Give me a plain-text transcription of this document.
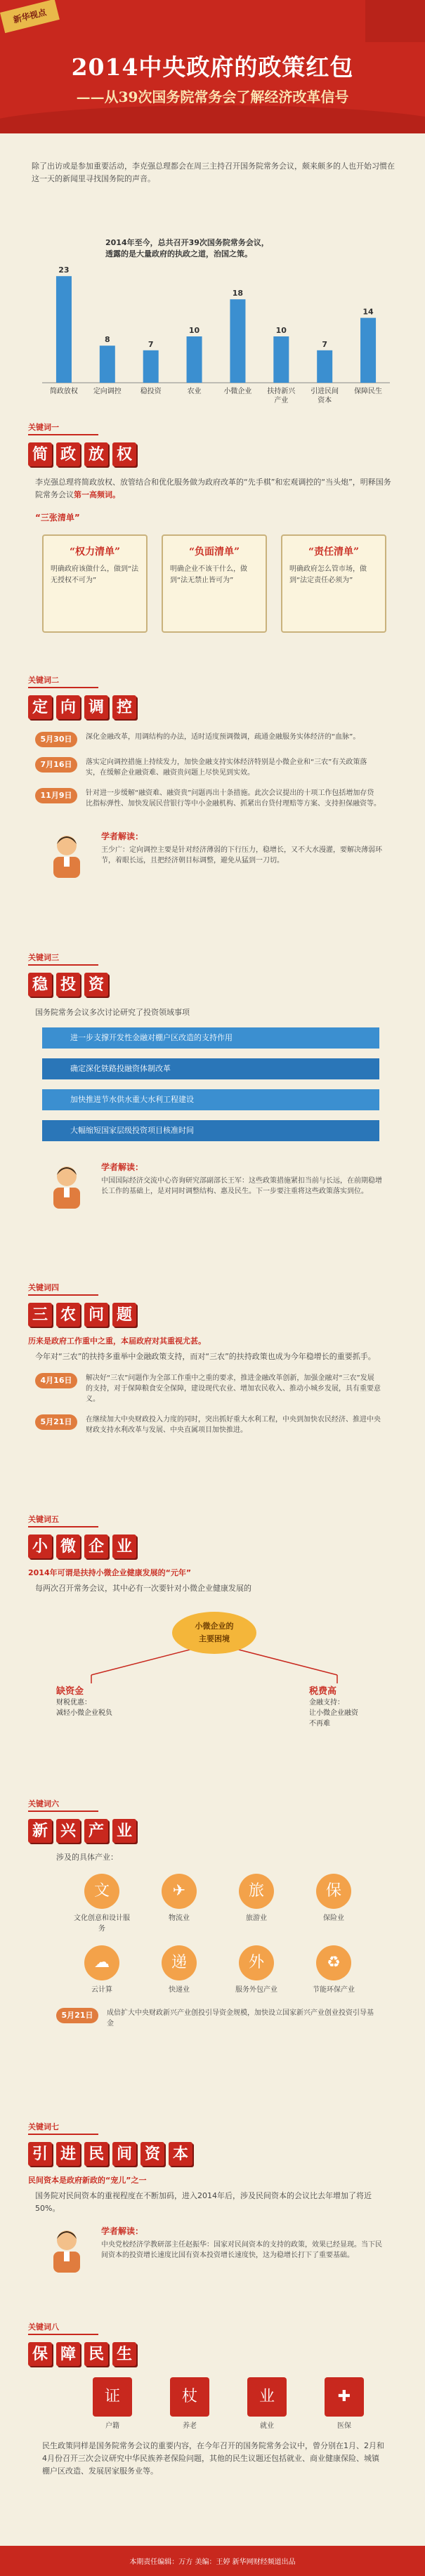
新华视点
2014中央政府的政策红包
——从39次国务院常务会了解经济改革信号
除了出访或是参加重要活动，李克强总理都会在周三主持召开国务院常务会议，颇来颇多的人也开始习惯在这一天的新闻里寻找国务院的声音。
2014年至今，总共召开39次国务院常务会议，
透露的是大量政府的执政之道，治国之策。
23
简政放权
8
定向调控
7
稳投资
10
农业
18
小微企业
10
扶持新兴
产业
7
引进民间
资本
14
保障民生
关键词一
简 政 放 权
李克强总理将简政放权、放管结合和优化服务做为政府改革的“先手棋”和宏观调控的“当头炮”，明释国务院常务会议第一高频词。
“三张清单”
“权力清单”
明确政府该做什么，做到“法无授权不可为”
“负面清单”
明确企业不该干什么，做到“法无禁止皆可为”
“责任清单”
明确政府怎么管市场，做到“法定责任必须为”
关键词二
定 向 调 控
5月30日	深化金融改革，用调结构的办法，适时适度预调微调，疏通金融服务实体经济的“血脉”。
7月16日	落实定向调控措施上持续发力，加快金融支持实体经济特别是小微企业和“三农”有关政策落实，在缓解企业融资难、融资贵问题上尽快见到实效。
11月9日	针对进一步缓解“融资难、融资贵”问题再出十条措施。此次会议提出的十项工作包括增加存贷比指标弹性、加快发展民营银行等中小金融机构、抓紧出台贷付理赔等方案、支持担保融资等。
学者解读：
王少广：定向调控主要是针对经济薄弱的下行压力，稳增长，又不大水漫灌，要解决薄弱环节，着眼长远，且把经济朝目标调整，避免从猛到一刀切。
关键词三
稳 投 资
国务院常务会议多次讨论研究了投资领域事项
进一步支撑开发性金融对棚户区改造的支持作用
确定深化铁路投融资体制改革
加快推进节水供水重大水利工程建设
大幅缩短国家层级投资项目核准时间
学者解读：
中国国际经济交流中心咨询研究部副部长王军：这些政策措施紧扣当前与长远，在前期稳增长工作的基础上，是对同时调整结构、惠及民生。下一步要注重将这些政策落实到位。
关键词四
三 农 问 题
历来是政府工作重中之重，本届政府对其重视尤甚。
今年对“三农”的扶持多重举中金融政策支持，而对“三农”的扶持政策也成为今年稳增长的重要抓手。
4月16日	解决好“三农”问题作为全部工作重中之重的要求，推进金融改革创新，加强金融对“三农”发展的支持，对于保障粮食安全保障，建设现代农业、增加农民收入、推动小城乡发展，具有重要意义。
5月21日	在继续加大中央财政投入力度的同时，突出抓好重大水利工程，中央到加快农民经济、推进中央财政支持水利改革与发展、中央直属项目加快推进。
关键词五
小 微 企 业
2014年可谓是扶持小微企业健康发展的“元年”
每两次召开常务会议，其中必有一次要针对小微企业健康发展的
小微企业的
主要困境
缺资金
财税优惠：
减轻小微企业税负
税费高
金融支持：
让小微企业融资
不再难
关键词六
新 兴 产 业
涉及的具体产业：
文
文化创意和设计服务
✈
物流业
旅
旅游业
保
保险业
☁
云计算
递
快递业
外
服务外包产业
♻
节能环保产业
5月21日	成倍扩大中央财政新兴产业创投引导资金规模，加快设立国家新兴产业创业投资引导基金
关键词七
引 进 民 间 资 本
民间资本是政府新政的“宠儿”之一
国务院对民间资本的重视程度在不断加码，进入2014年后，涉及民间资本的会议比去年增加了将近50%。
学者解读：
中央党校经济学教研部主任赵振华：国家对民间资本的支持的政策，效果已经显现。当下民间资本的投资增长速度比国有资本投资增长速度快，这为稳增长打下了重要基础。
关键词八
保 障 民 生
证
户籍
杖
养老
业
就业
✚
医保
民生政策同样是国务院常务会议的重要内容，在今年召开的国务院常务会议中，曾分别在1月、2月和4月份召开三次会议研究中华民族养老保险问题，其他的民生议题还包括就业、商业健康保险、城镇棚户区改造、发展居家服务业等。
本期责任编辑：万方 美编：王婷 新华网财经频道出品
